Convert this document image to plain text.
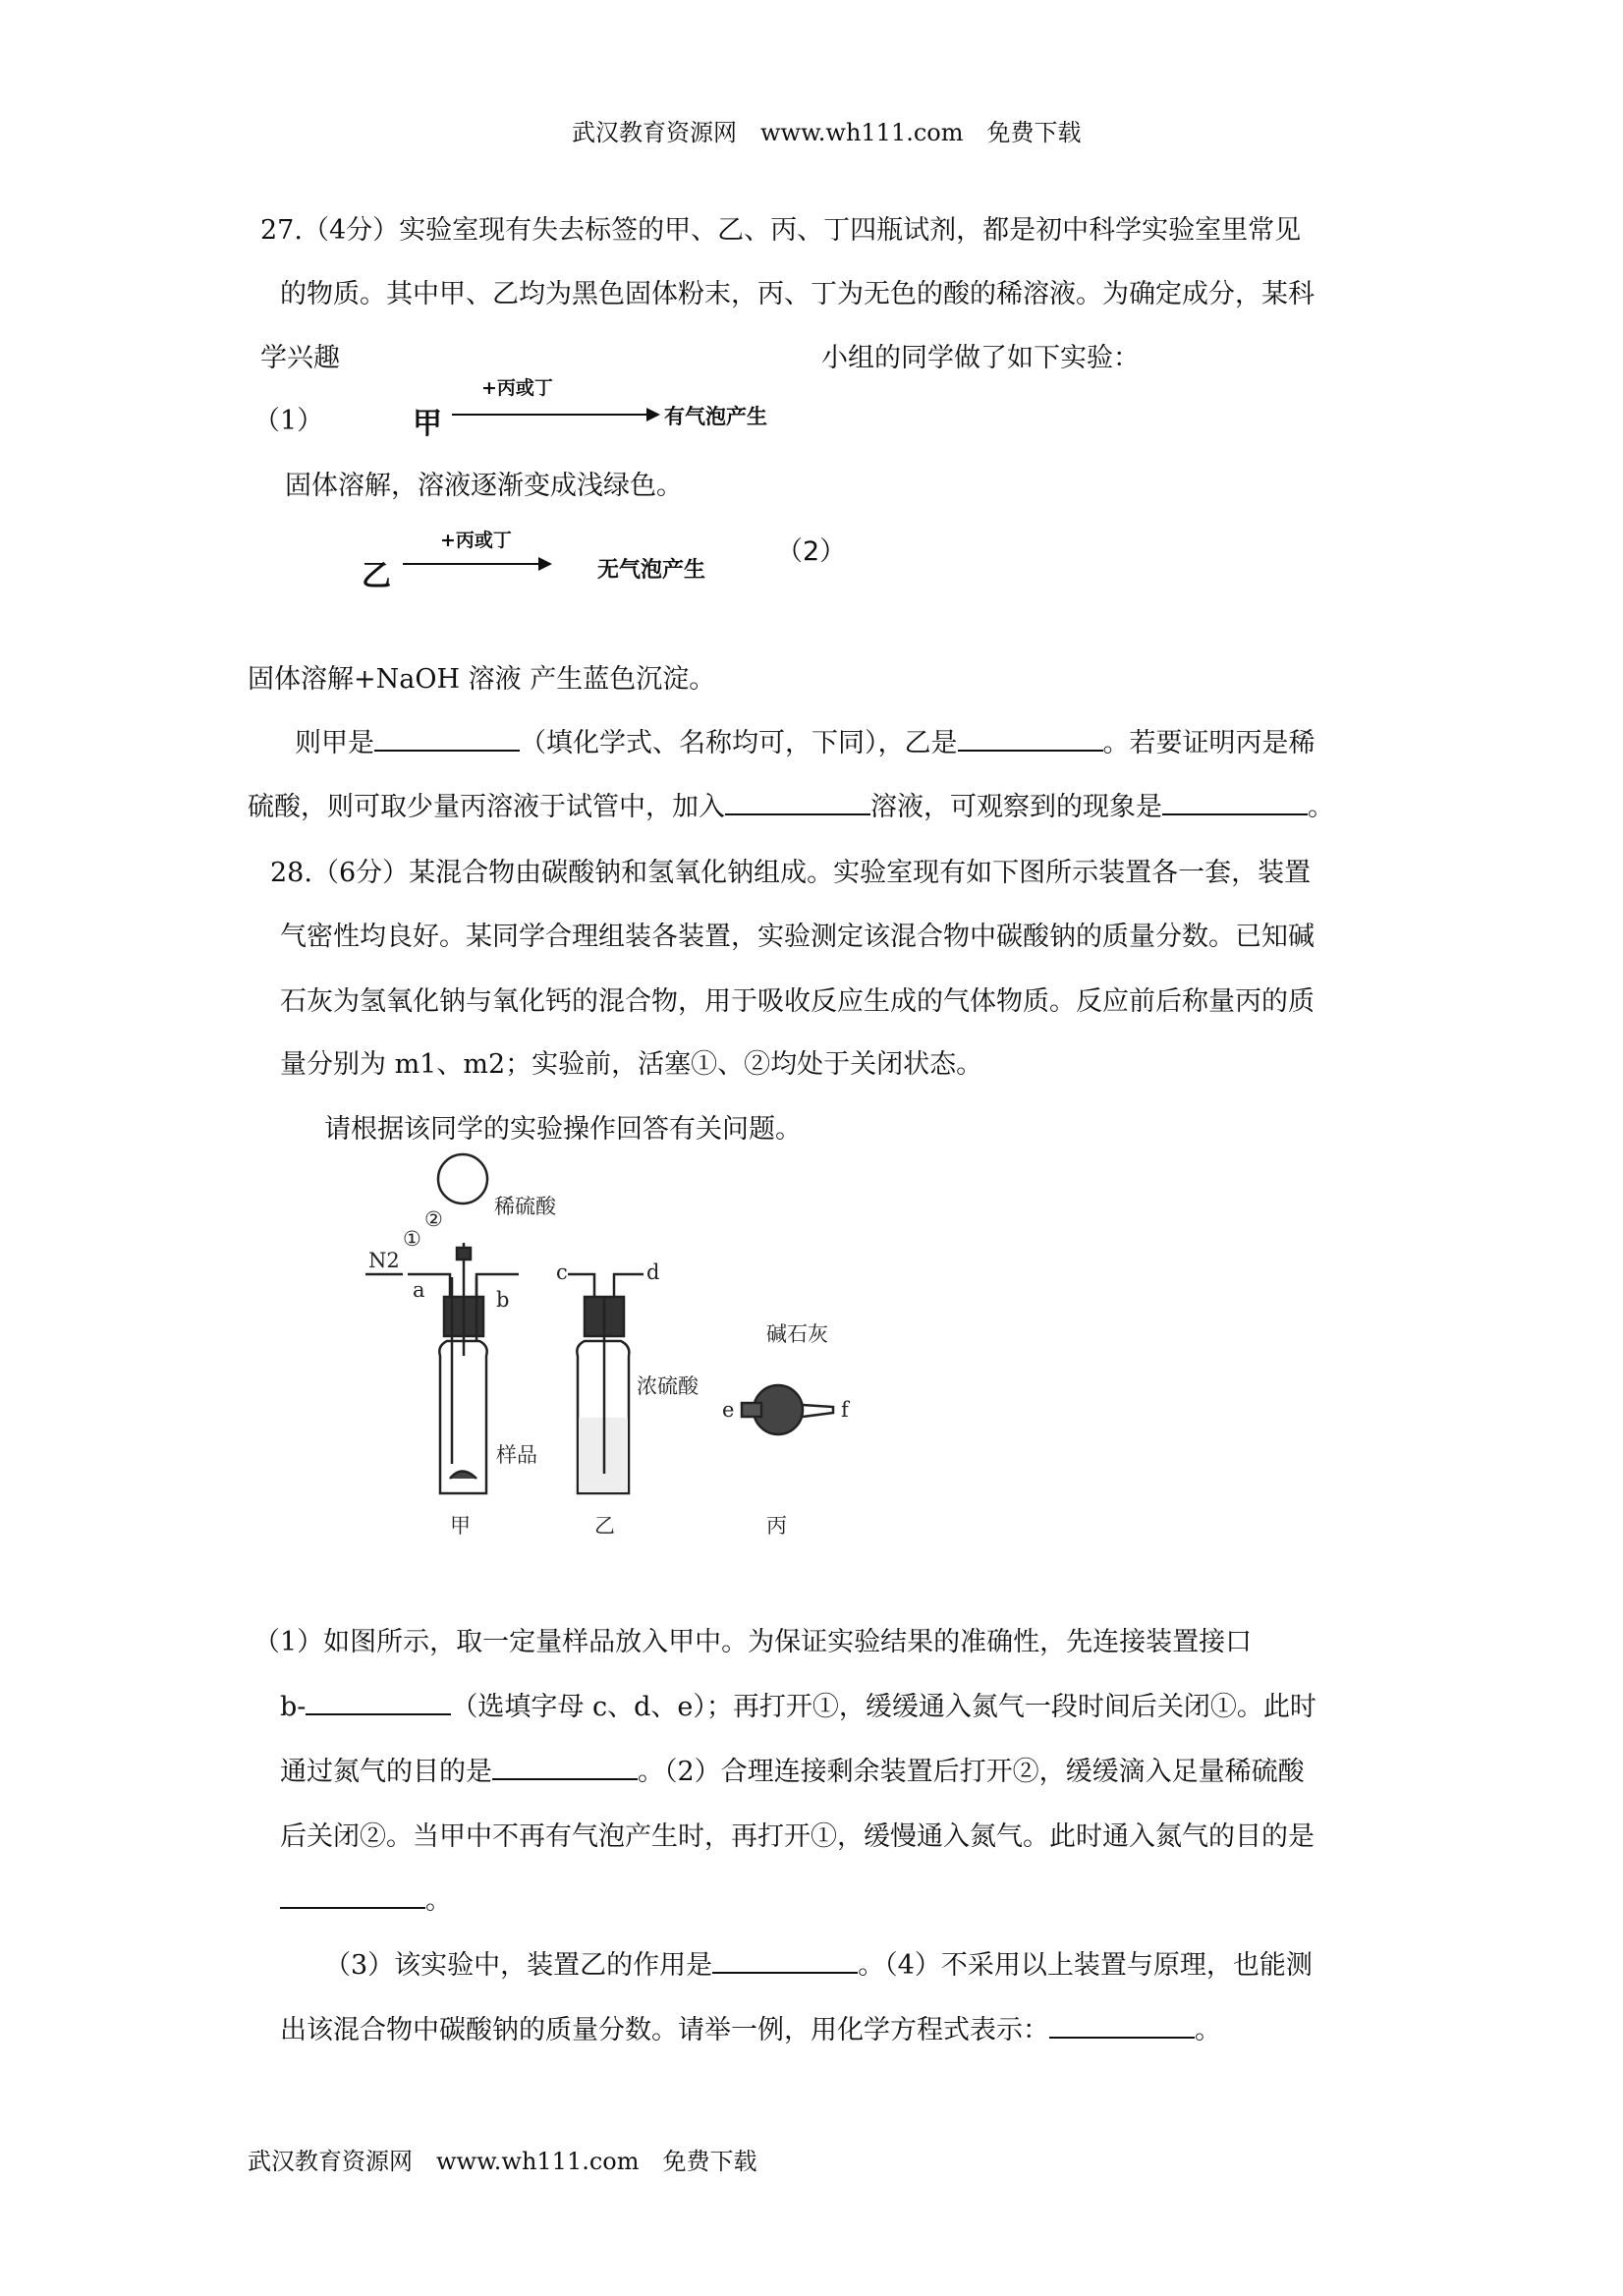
武汉教育资源网　www.wh111.com　免费下载
27.（4分）实验室现有失去标签的甲、乙、丙、丁四瓶试剂，都是初中科学实验室里常见
的物质。其中甲、乙均为黑色固体粉末，丙、丁为无色的酸的稀溶液。为确定成分，某科
学兴趣	小组的同学做了如下实验：
（1）	甲
+丙或丁
有气泡产生
固体溶解，溶液逐渐变成浅绿色。
乙
+丙或丁
无气泡产生
（2）
固体溶解+NaOH 溶液 产生蓝色沉淀。
则甲是	（填化学式、名称均可，下同），乙是	。若要证明丙是稀
硫酸，则可取少量丙溶液于试管中，加入	溶液，可观察到的现象是	。
28.（6分）某混合物由碳酸钠和氢氧化钠组成。实验室现有如下图所示装置各一套，装置
气密性均良好。某同学合理组装各装置，实验测定该混合物中碳酸钠的质量分数。已知碱
石灰为氢氧化钠与氧化钙的混合物，用于吸收反应生成的气体物质。反应前后称量丙的质
量分别为 m1、m2；实验前，活塞①、②均处于关闭状态。
请根据该同学的实验操作回答有关问题。
N2
①
②
稀硫酸
a	b
c	d
浓硫酸
样品
碱石灰
e	f
甲	乙	丙
（1）如图所示，取一定量样品放入甲中。为保证实验结果的准确性，先连接装置接口
b-	（选填字母 c、d、e）；再打开①，缓缓通入氮气一段时间后关闭①。此时
通过氮气的目的是	。（2）合理连接剩余装置后打开②，缓缓滴入足量稀硫酸
后关闭②。当甲中不再有气泡产生时，再打开①，缓慢通入氮气。此时通入氮气的目的是
。
（3）该实验中，装置乙的作用是	。（4）不采用以上装置与原理，也能测
出该混合物中碳酸钠的质量分数。请举一例，用化学方程式表示：	。
武汉教育资源网　www.wh111.com　免费下载
